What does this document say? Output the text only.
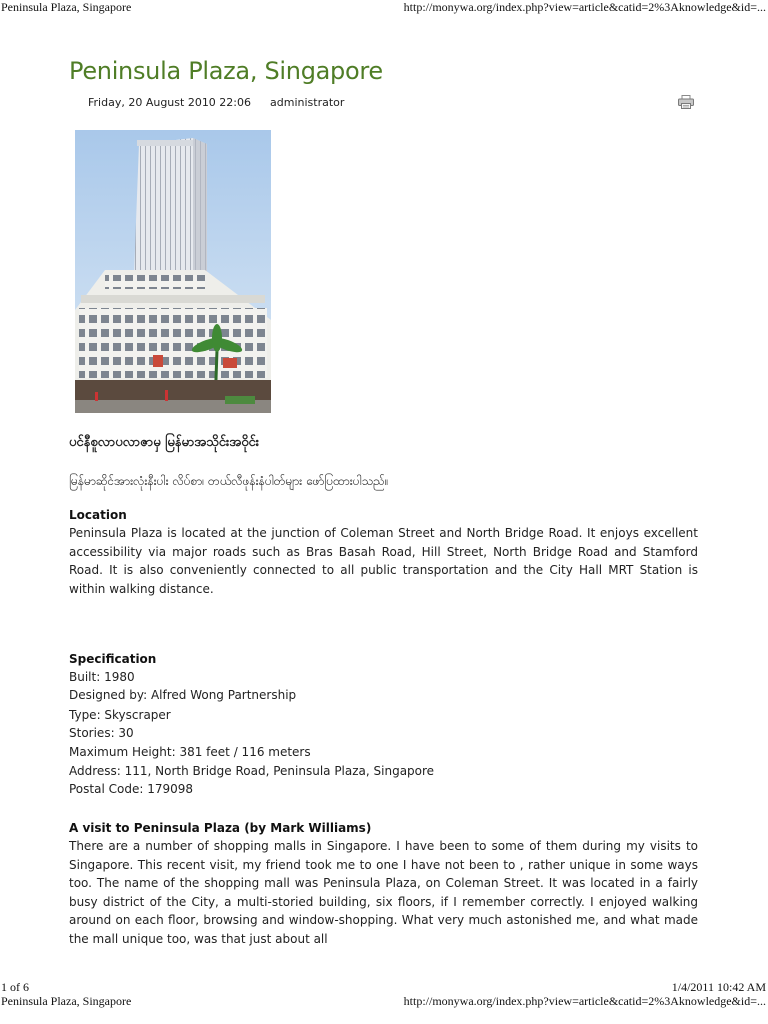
Peninsula Plaza, Singapore	http://monywa.org/index.php?view=article&catid=2%3Aknowledge&id=...
Peninsula Plaza, Singapore
Friday, 20 August 2010 22:06 administrator
ပင်နီစူလာပလာဇာမှ မြန်မာအသိုင်းအဝိုင်း
မြန်မာဆိုင်အားလုံးနီးပါး လိပ်စာ၊ တယ်လီဖုန်းနံပါတ်များ ဖော်ပြထားပါသည်။
Location
Peninsula Plaza is located at the junction of Coleman Street and North Bridge Road. It enjoys excellent accessibility via major roads such as Bras Basah Road, Hill Street, North Bridge Road and Stamford Road. It is also conveniently connected to all public transportation and the City Hall MRT Station is within walking distance.
Specification
Built: 1980
Designed by: Alfred Wong Partnership
Type: Skyscraper
Stories: 30
Maximum Height: 381 feet / 116 meters
Address: 111, North Bridge Road, Peninsula Plaza, Singapore
Postal Code: 179098
A visit to Peninsula Plaza (by Mark Williams)
There are a number of shopping malls in Singapore. I have been to some of them during my visits to Singapore. This recent visit, my friend took me to one I have not been to , rather unique in some ways too. The name of the shopping mall was Peninsula Plaza, on Coleman Street. It was located in a fairly busy district of the City, a multi-storied building, six floors, if I remember correctly. I enjoyed walking around on each floor, browsing and window-shopping. What very much astonished me, and what made the mall unique too, was that just about all
1 of 6	1/4/2011 10:42 AM
Peninsula Plaza, Singapore	http://monywa.org/index.php?view=article&catid=2%3Aknowledge&id=...
